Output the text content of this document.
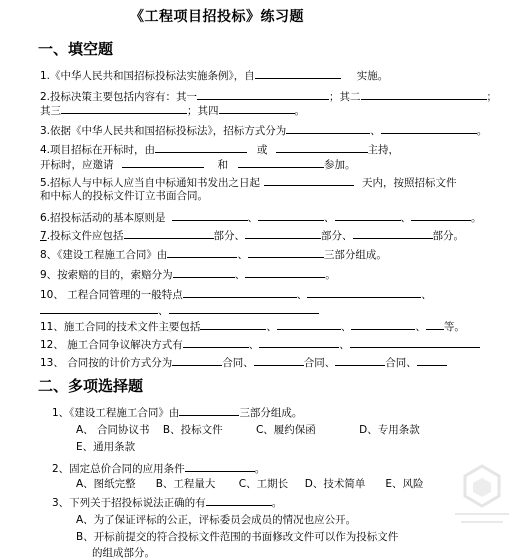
《工程项目招投标》练习题
一、填空题
1.《中华人民共和国招标投标法实施条例》，自	实施。
2.投标决策主要包括内容有：其一	；其二	；
其三	；其四	。
3.依据《中华人民共和国招标投标法》，招标方式分为	、	。
4.项目招标在开标时，由	或	主持，
开标时，应邀请	和	参加。
5.招标人与中标人应当自中标通知书发出之日起	天内，按照招标文件
和中标人的投标文件订立书面合同。
6.招投标活动的基本原则是	、	、	、	。
7.投标文件应包括	部分、	部分、	部分。
8、《建设工程施工合同》由	、	三部分组成。
9、按索赔的目的，索赔分为	、	。
10、 工程合同管理的一般特点	、	、
、
11、施工合同的技术文件主要包括	、	、	、 等。
12、 施工合同争议解决方式有	、	、
13、 合同按的计价方式分为	合同、	合同、	合同、
二、多项选择题
1、《建设工程施工合同》由	三部分组成。
A、 合同协议书    B、投标文件          C、履约保函             D、专用条款
E、通用条款
2、固定总价合同的应用条件	。
A、图纸完整      B、工程量大       C、工期长     D、技术简单      E、风险
3、下列关于招投标说法正确的有	。
A、为了保证评标的公正，评标委员会成员的情况也应公开。
B、开标前提交的符合投标文件范围的书面修改文件可以作为投标文件
的组成部分。
